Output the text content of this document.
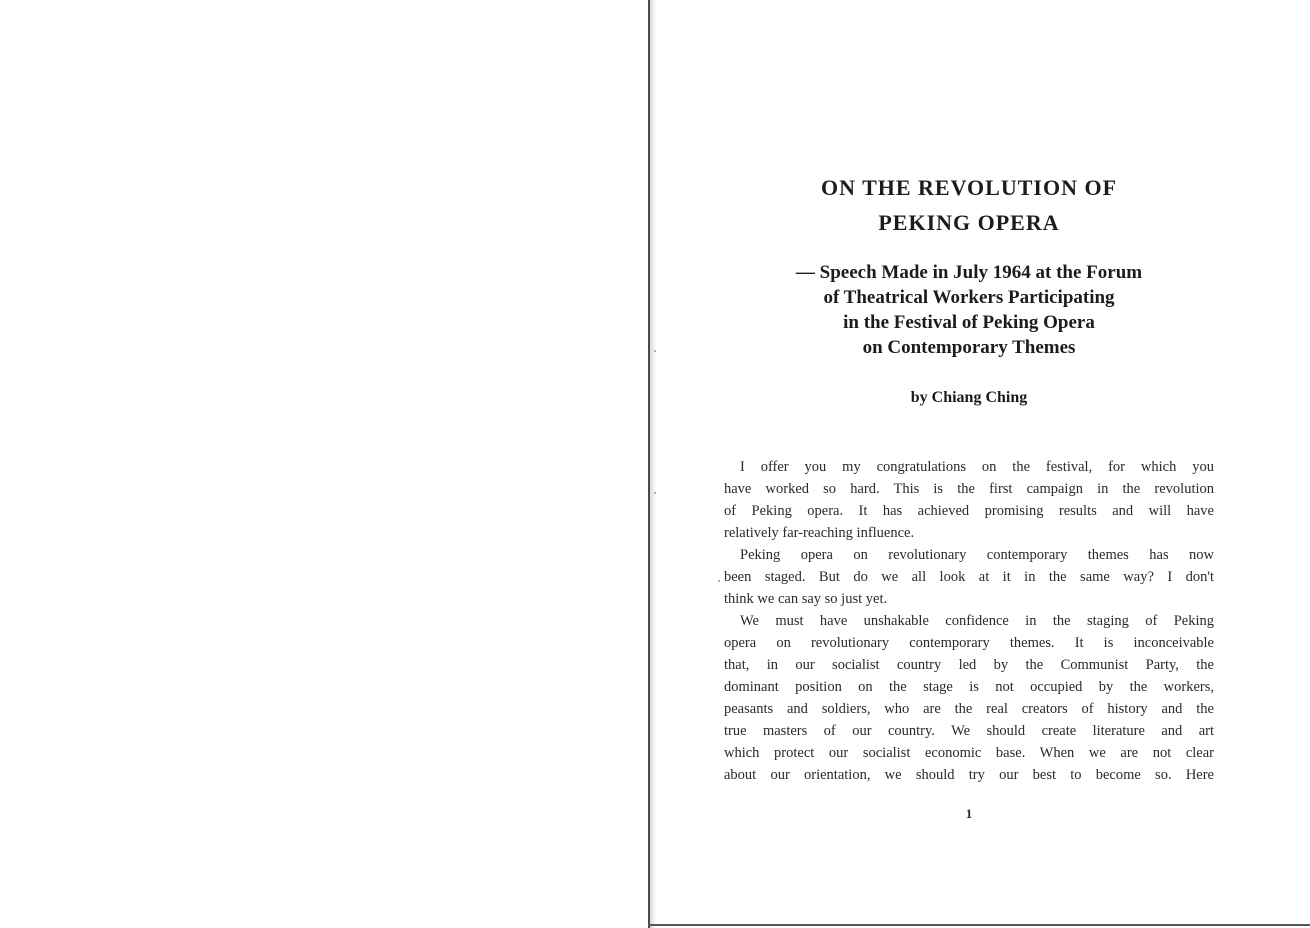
ON THE REVOLUTION OF
PEKING OPERA
— Speech Made in July 1964 at the Forum
of Theatrical Workers Participating
in the Festival of Peking Opera
on Contemporary Themes
by Chiang Ching
I offer you my congratulations on the festival, for which you
have worked so hard. This is the first campaign in the revolution
of Peking opera. It has achieved promising results and will have
relatively far-reaching influence.
Peking opera on revolutionary contemporary themes has now
been staged. But do we all look at it in the same way? I don't
think we can say so just yet.
We must have unshakable confidence in the staging of Peking
opera on revolutionary contemporary themes. It is inconceivable
that, in our socialist country led by the Communist Party, the
dominant position on the stage is not occupied by the workers,
peasants and soldiers, who are the real creators of history and the
true masters of our country. We should create literature and art
which protect our socialist economic base. When we are not clear
about our orientation, we should try our best to become so. Here
1
